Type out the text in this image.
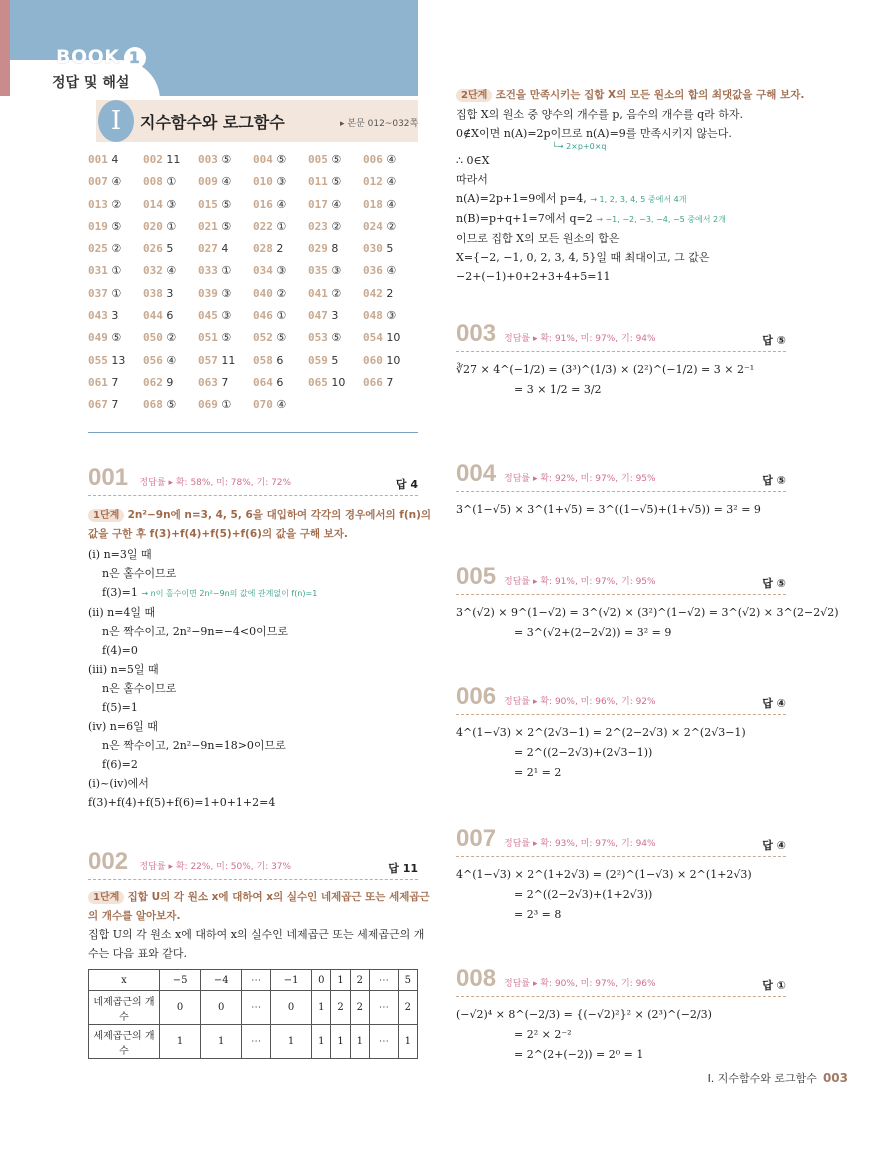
BOOK 1
정답 및 해설
I	지수함수와 로그함수	▸ 본문 012~032쪽
001 4	002 11	003 ⑤	004 ⑤	005 ⑤	006 ④
007 ④	008 ①	009 ④	010 ③	011 ⑤	012 ④
013 ②	014 ③	015 ⑤	016 ④	017 ④	018 ④
019 ⑤	020 ①	021 ⑤	022 ①	023 ②	024 ②
025 ②	026 5	027 4	028 2	029 8	030 5
031 ①	032 ④	033 ①	034 ③	035 ③	036 ④
037 ①	038 3	039 ③	040 ②	041 ②	042 2
043 3	044 6	045 ③	046 ①	047 3	048 ③
049 ⑤	050 ②	051 ⑤	052 ⑤	053 ⑤	054 10
055 13	056 ④	057 11	058 6	059 5	060 10
061 7	062 9	063 7	064 6	065 10	066 7
067 7	068 ⑤	069 ①	070 ④
001 정답률 ▸ 확: 58%, 미: 78%, 기: 72%	답 4
1단계 2n²−9n에 n=3, 4, 5, 6을 대입하여 각각의 경우에서의 f(n)의
값을 구한 후 f(3)+f(4)+f(5)+f(6)의 값을 구해 보자.
(ⅰ) n=3일 때
n은 홀수이므로
f(3)=1 → n이 홀수이면 2n²−9n의 값에 관계없이 f(n)=1
(ⅱ) n=4일 때
n은 짝수이고, 2n²−9n=−4<0이므로
f(4)=0
(ⅲ) n=5일 때
n은 홀수이므로
f(5)=1
(ⅳ) n=6일 때
n은 짝수이고, 2n²−9n=18>0이므로
f(6)=2
(ⅰ)~(ⅳ)에서
f(3)+f(4)+f(5)+f(6)=1+0+1+2=4
002 정답률 ▸ 확: 22%, 미: 50%, 기: 37%	답 11
1단계 집합 U의 각 원소 x에 대하여 x의 실수인 네제곱근 또는 세제곱근
의 개수를 알아보자.
집합 U의 각 원소 x에 대하여 x의 실수인 네제곱근 또는 세제곱근의 개
수는 다음 표와 같다.
x	−5	−4	⋯	−1	0	1	2	⋯	5
네제곱근의 개수	0	0	⋯	0	1	2	2	⋯	2
세제곱근의 개수	1	1	⋯	1	1	1	1	⋯	1
2단계 조건을 만족시키는 집합 X의 모든 원소의 합의 최댓값을 구해 보자.
집합 X의 원소 중 양수의 개수를 p, 음수의 개수를 q라 하자.
0∉X이면 n(A)=2p이므로 n(A)=9를 만족시키지 않는다.
└→ 2×p+0×q
∴ 0∈X
따라서
n(A)=2p+1=9에서 p=4, → 1, 2, 3, 4, 5 중에서 4개
n(B)=p+q+1=7에서 q=2 → −1, −2, −3, −4, −5 중에서 2개
이므로 집합 X의 모든 원소의 합은
X={−2, −1, 0, 2, 3, 4, 5}일 때 최대이고, 그 값은
−2+(−1)+0+2+3+4+5=11
003 정답률 ▸ 확: 91%, 미: 97%, 기: 94%	답 ⑤
∛27 × 4^(−1/2) = (3³)^(1/3) × (2²)^(−1/2) = 3 × 2⁻¹
= 3 × 1/2 = 3/2
004 정답률 ▸ 확: 92%, 미: 97%, 기: 95%	답 ⑤
3^(1−√5) × 3^(1+√5) = 3^((1−√5)+(1+√5)) = 3² = 9
005 정답률 ▸ 확: 91%, 미: 97%, 기: 95%	답 ⑤
3^(√2) × 9^(1−√2) = 3^(√2) × (3²)^(1−√2) = 3^(√2) × 3^(2−2√2)
= 3^(√2+(2−2√2)) = 3² = 9
006 정답률 ▸ 확: 90%, 미: 96%, 기: 92%	답 ④
4^(1−√3) × 2^(2√3−1) = 2^(2−2√3) × 2^(2√3−1)
= 2^((2−2√3)+(2√3−1))
= 2¹ = 2
007 정답률 ▸ 확: 93%, 미: 97%, 기: 94%	답 ④
4^(1−√3) × 2^(1+2√3) = (2²)^(1−√3) × 2^(1+2√3)
= 2^((2−2√3)+(1+2√3))
= 2³ = 8
008 정답률 ▸ 확: 90%, 미: 97%, 기: 96%	답 ①
(−√2)⁴ × 8^(−2/3) = {(−√2)²}² × (2³)^(−2/3)
= 2² × 2⁻²
= 2^(2+(−2)) = 2⁰ = 1
I. 지수함수와 로그함수 003
